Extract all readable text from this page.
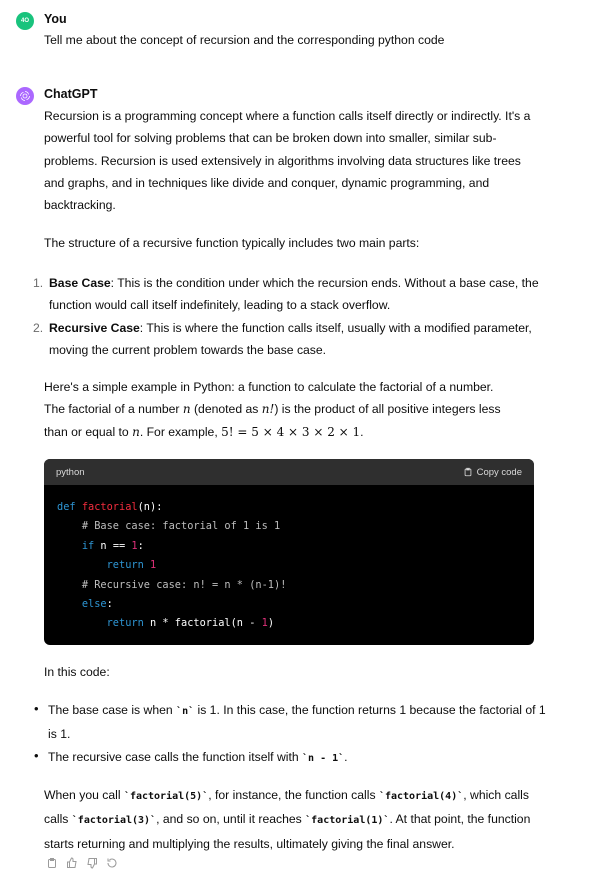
4O	You

Tell me about the concept of recursion and the corresponding python code

ChatGPT

Recursion is a programming concept where a function calls itself directly or indirectly. It's a powerful tool for solving problems that can be broken down into smaller, similar sub-problems. Recursion is used extensively in algorithms involving data structures like trees and graphs, and in techniques like divide and conquer, dynamic programming, and backtracking.

The structure of a recursive function typically includes two main parts:

1. Base Case: This is the condition under which the recursion ends. Without a base case, the function would call itself indefinitely, leading to a stack overflow.
2. Recursive Case: This is where the function calls itself, usually with a modified parameter, moving the current problem towards the base case.

Here's a simple example in Python: a function to calculate the factorial of a number.
The factorial of a number n (denoted as n!) is the product of all positive integers less
than or equal to n. For example, 5! = 5 × 4 × 3 × 2 × 1.

python	Copy code
def factorial(n):
# Base case: factorial of 1 is 1
if n == 1:
return 1
# Recursive case: n! = n * (n-1)!
else:
return n * factorial(n - 1)

In this code:

• The base case is when `n` is 1. In this case, the function returns 1 because the factorial of 1 is 1.
• The recursive case calls the function itself with `n - 1`.

When you call `factorial(5)`, for instance, the function calls `factorial(4)`, which calls
calls `factorial(3)`, and so on, until it reaches `factorial(1)`. At that point, the function starts returning and multiplying the results, ultimately giving the final answer.
